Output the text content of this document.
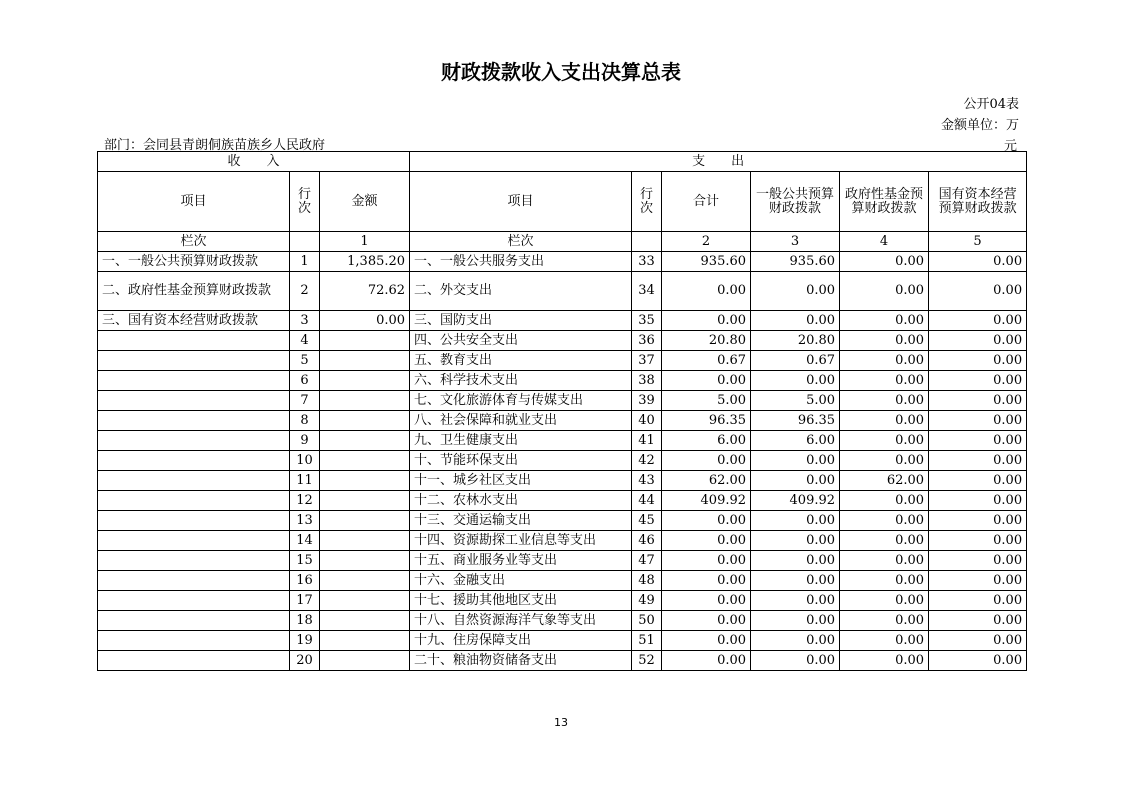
财政拨款收入支出决算总表
公开04表
金额单位：万
部门：会同县青朗侗族苗族乡人民政府	元
收　　入			支　　出					
项目	行次	金额	项目	行次	合计	一般公共预算财政拨款	政府性基金预算财政拨款	国有资本经营预算财政拨款
栏次		1	栏次		2	3	4	5
一、一般公共预算财政拨款	1	1,385.20	一、一般公共服务支出	33	935.60	935.60	0.00	0.00
二、政府性基金预算财政拨款	2	72.62	二、外交支出	34	0.00	0.00	0.00	0.00
三、国有资本经营财政拨款	3	0.00	三、国防支出	35	0.00	0.00	0.00	0.00
	4		四、公共安全支出	36	20.80	20.80	0.00	0.00
	5		五、教育支出	37	0.67	0.67	0.00	0.00
	6		六、科学技术支出	38	0.00	0.00	0.00	0.00
	7		七、文化旅游体育与传媒支出	39	5.00	5.00	0.00	0.00
	8		八、社会保障和就业支出	40	96.35	96.35	0.00	0.00
	9		九、卫生健康支出	41	6.00	6.00	0.00	0.00
	10		十、节能环保支出	42	0.00	0.00	0.00	0.00
	11		十一、城乡社区支出	43	62.00	0.00	62.00	0.00
	12		十二、农林水支出	44	409.92	409.92	0.00	0.00
	13		十三、交通运输支出	45	0.00	0.00	0.00	0.00
	14		十四、资源勘探工业信息等支出	46	0.00	0.00	0.00	0.00
	15		十五、商业服务业等支出	47	0.00	0.00	0.00	0.00
	16		十六、金融支出	48	0.00	0.00	0.00	0.00
	17		十七、援助其他地区支出	49	0.00	0.00	0.00	0.00
	18		十八、自然资源海洋气象等支出	50	0.00	0.00	0.00	0.00
	19		十九、住房保障支出	51	0.00	0.00	0.00	0.00
	20		二十、粮油物资储备支出	52	0.00	0.00	0.00	0.00
13
